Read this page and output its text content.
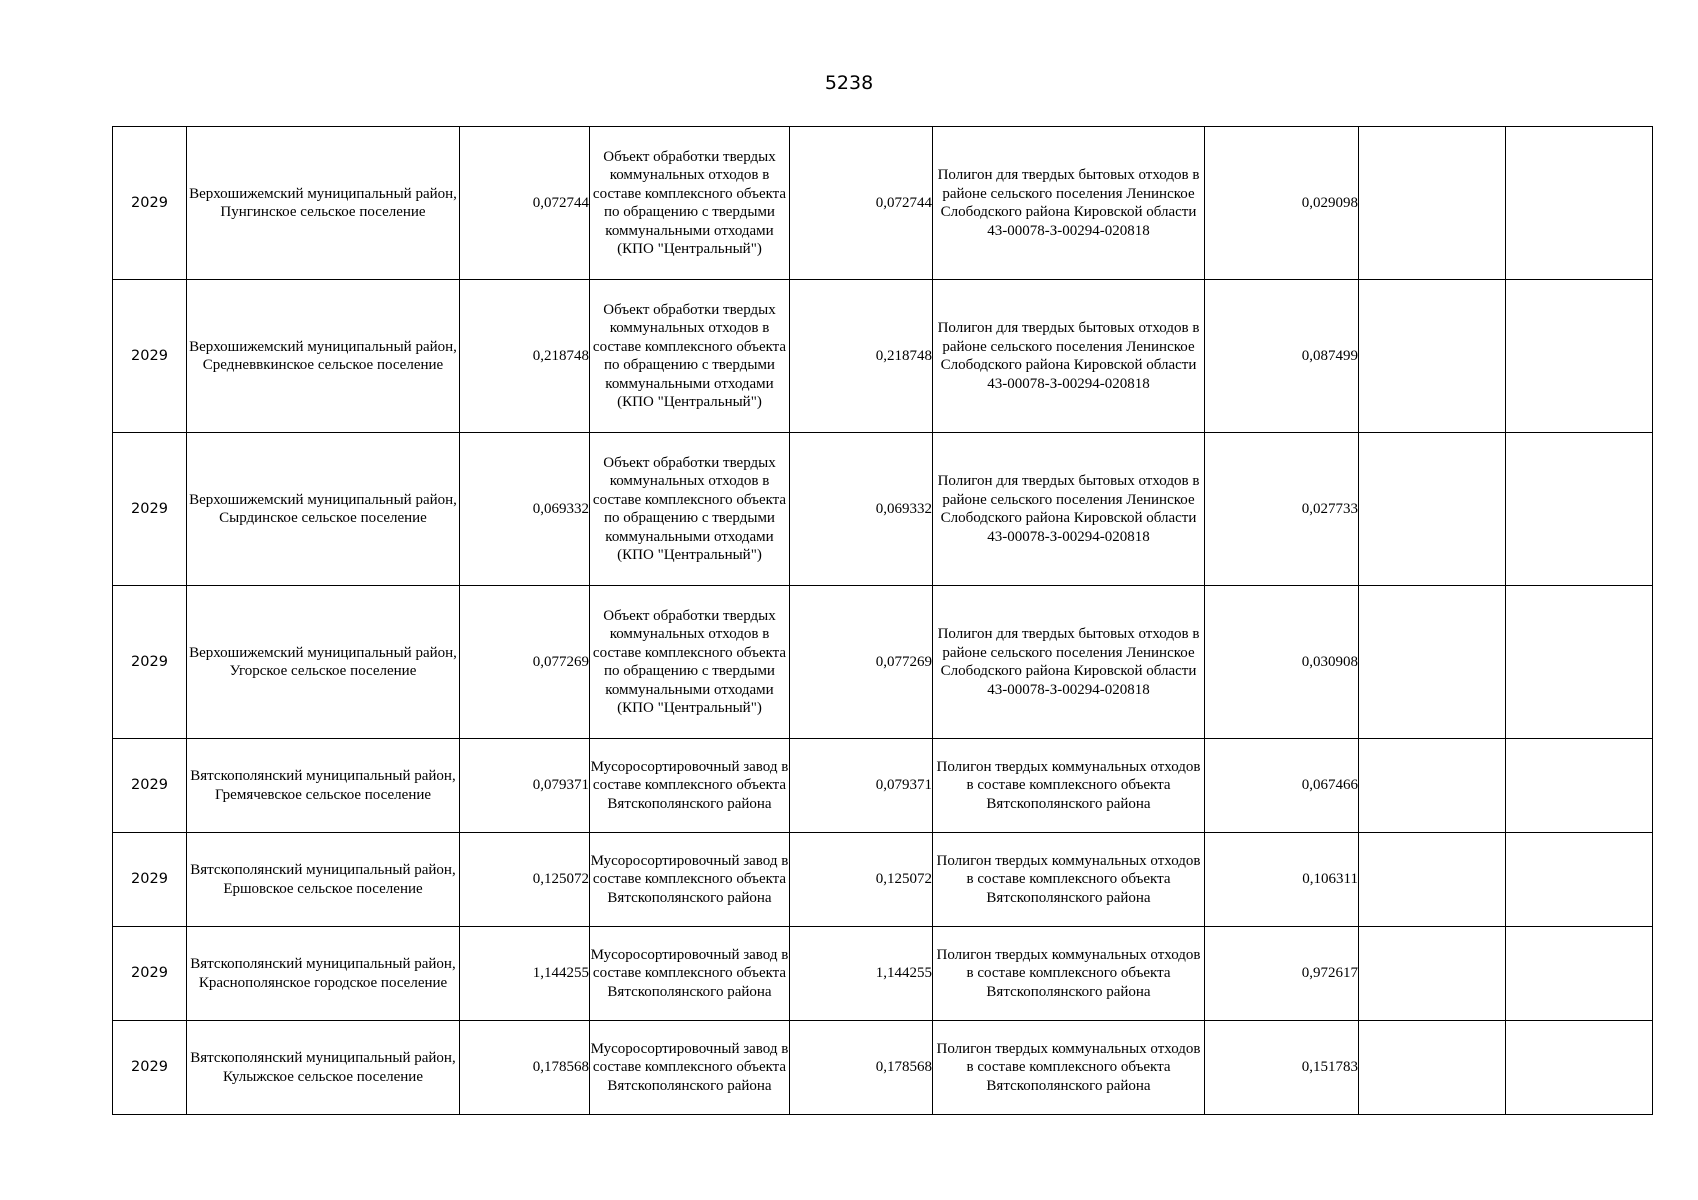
5238
2029	Верхошижемский муниципальный район, Пунгинское сельское поселение	0,072744	Объект обработки твердых коммунальных отходов в составе комплексного объекта по обращению с твердыми коммунальными отходами (КПО "Центральный")	0,072744	Полигон для твердых бытовых отходов в районе сельского поселения Ленинское Слободского района Кировской области 43-00078-З-00294-020818	0,029098		
2029	Верхошижемский муниципальный район, Средневвкинское сельское поселение	0,218748	Объект обработки твердых коммунальных отходов в составе комплексного объекта по обращению с твердыми коммунальными отходами (КПО "Центральный")	0,218748	Полигон для твердых бытовых отходов в районе сельского поселения Ленинское Слободского района Кировской области 43-00078-З-00294-020818	0,087499		
2029	Верхошижемский муниципальный район, Сырдинское сельское поселение	0,069332	Объект обработки твердых коммунальных отходов в составе комплексного объекта по обращению с твердыми коммунальными отходами (КПО "Центральный")	0,069332	Полигон для твердых бытовых отходов в районе сельского поселения Ленинское Слободского района Кировской области 43-00078-З-00294-020818	0,027733		
2029	Верхошижемский муниципальный район, Угорское сельское поселение	0,077269	Объект обработки твердых коммунальных отходов в составе комплексного объекта по обращению с твердыми коммунальными отходами (КПО "Центральный")	0,077269	Полигон для твердых бытовых отходов в районе сельского поселения Ленинское Слободского района Кировской области 43-00078-З-00294-020818	0,030908		
2029	Вятскополянский муниципальный район, Гремячевское сельское поселение	0,079371	Мусоросортировочный завод в составе комплексного объекта Вятскополянского района	0,079371	Полигон твердых коммунальных отходов в составе комплексного объекта Вятскополянского района	0,067466		
2029	Вятскополянский муниципальный район, Ершовское сельское поселение	0,125072	Мусоросортировочный завод в составе комплексного объекта Вятскополянского района	0,125072	Полигон твердых коммунальных отходов в составе комплексного объекта Вятскополянского района	0,106311		
2029	Вятскополянский муниципальный район, Краснополянское городское поселение	1,144255	Мусоросортировочный завод в составе комплексного объекта Вятскополянского района	1,144255	Полигон твердых коммунальных отходов в составе комплексного объекта Вятскополянского района	0,972617		
2029	Вятскополянский муниципальный район, Кулыжское сельское поселение	0,178568	Мусоросортировочный завод в составе комплексного объекта Вятскополянского района	0,178568	Полигон твердых коммунальных отходов в составе комплексного объекта Вятскополянского района	0,151783		
